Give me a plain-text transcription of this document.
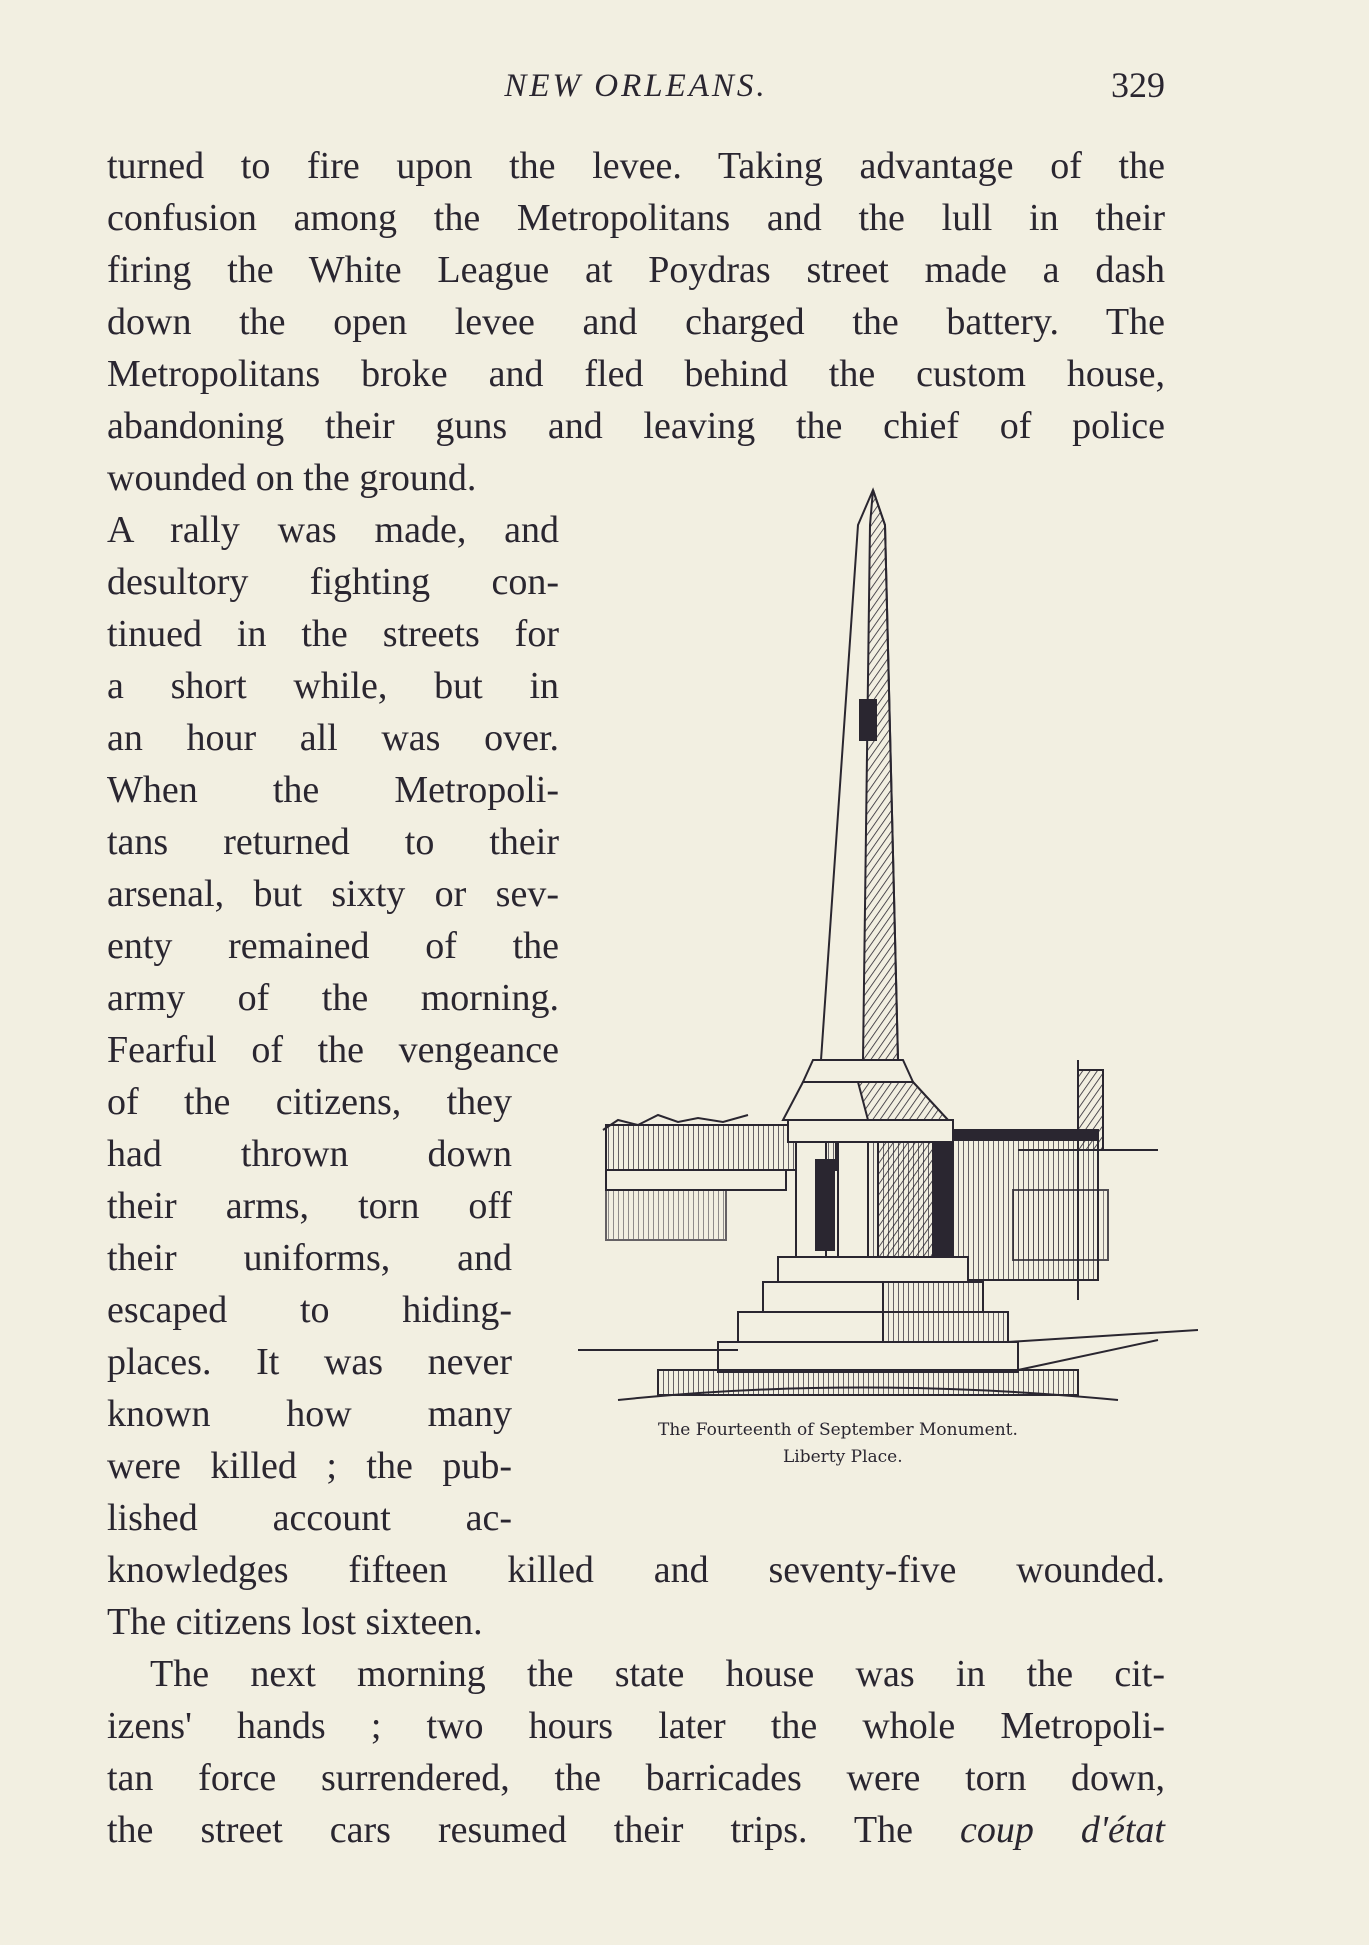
NEW ORLEANS.	329
turned to fire upon the levee. Taking advantage of the
confusion among the Metropolitans and the lull in their
firing the White League at Poydras street made a dash
down the open levee and charged the battery. The
Metropolitans broke and fled behind the custom house,
abandoning their guns and leaving the chief of police
wounded on the ground.
A rally was made, and
desultory fighting con-
tinued in the streets for
a short while, but in
an hour all was over.
When the Metropoli-
tans returned to their
arsenal, but sixty or sev-
enty remained of the
army of the morning.
Fearful of the vengeance
of the citizens, they
had thrown down
their arms, torn off
their uniforms, and
escaped to hiding-
places. It was never
known how many
were killed ; the pub-
lished account ac-
knowledges fifteen killed and seventy-five wounded.
The citizens lost sixteen.
The next morning the state house was in the cit-
izens' hands ; two hours later the whole Metropoli-
tan force surrendered, the barricades were torn down,
the street cars resumed their trips. The coup d'état
The Fourteenth of September Monument.
Liberty Place.
